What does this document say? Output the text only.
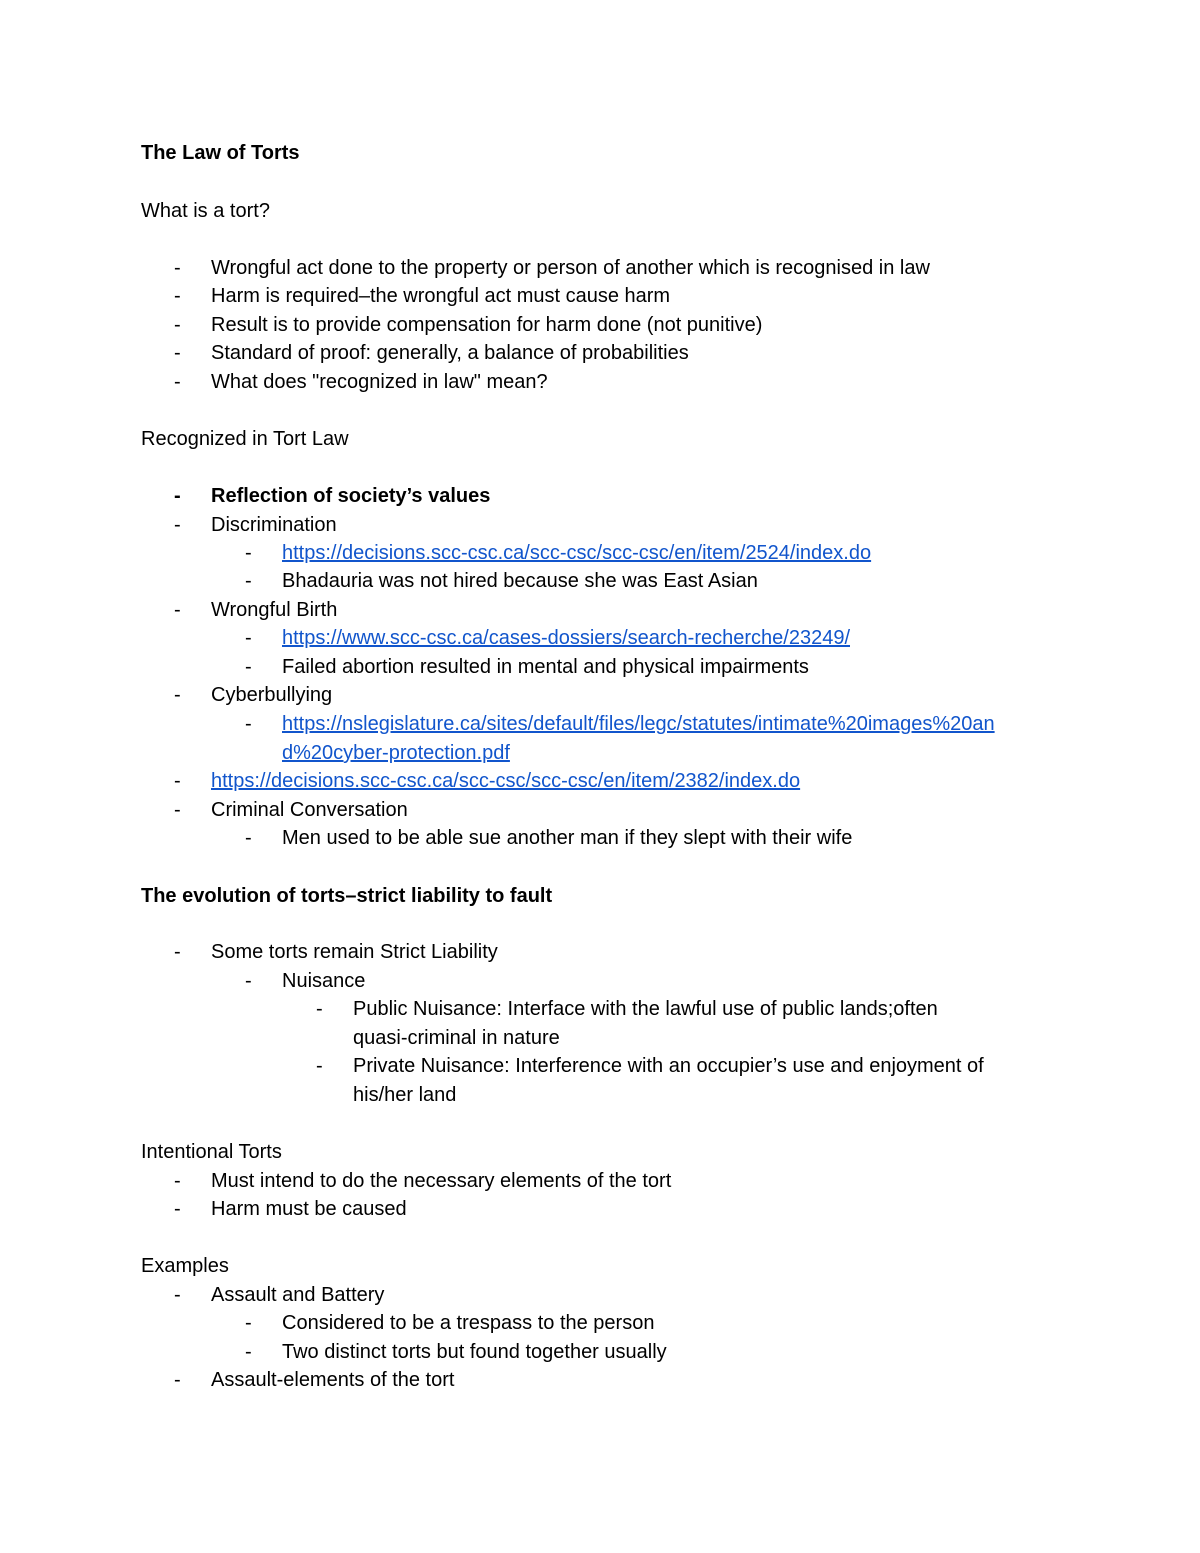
The Law of Torts
What is a tort?
-	Wrongful act done to the property or person of another which is recognised in law
-	Harm is required–the wrongful act must cause harm
-	Result is to provide compensation for harm done (not punitive)
-	Standard of proof: generally, a balance of probabilities
-	What does "recognized in law" mean?
Recognized in Tort Law
-	Reflection of society’s values
-	Discrimination
-	https://decisions.scc-csc.ca/scc-csc/scc-csc/en/item/2524/index.do
-	Bhadauria was not hired because she was East Asian
-	Wrongful Birth
-	https://www.scc-csc.ca/cases-dossiers/search-recherche/23249/
-	Failed abortion resulted in mental and physical impairments
-	Cyberbullying
-	https://nslegislature.ca/sites/default/files/legc/statutes/intimate%20images%20an
d%20cyber-protection.pdf
-	https://decisions.scc-csc.ca/scc-csc/scc-csc/en/item/2382/index.do
-	Criminal Conversation
-	Men used to be able sue another man if they slept with their wife
The evolution of torts–strict liability to fault
-	Some torts remain Strict Liability
-	Nuisance
-	Public Nuisance: Interface with the lawful use of public lands;often
quasi-criminal in nature
-	Private Nuisance: Interference with an occupier’s use and enjoyment of
his/her land
Intentional Torts
-	Must intend to do the necessary elements of the tort
-	Harm must be caused
Examples
-	Assault and Battery
-	Considered to be a trespass to the person
-	Two distinct torts but found together usually
-	Assault-elements of the tort
